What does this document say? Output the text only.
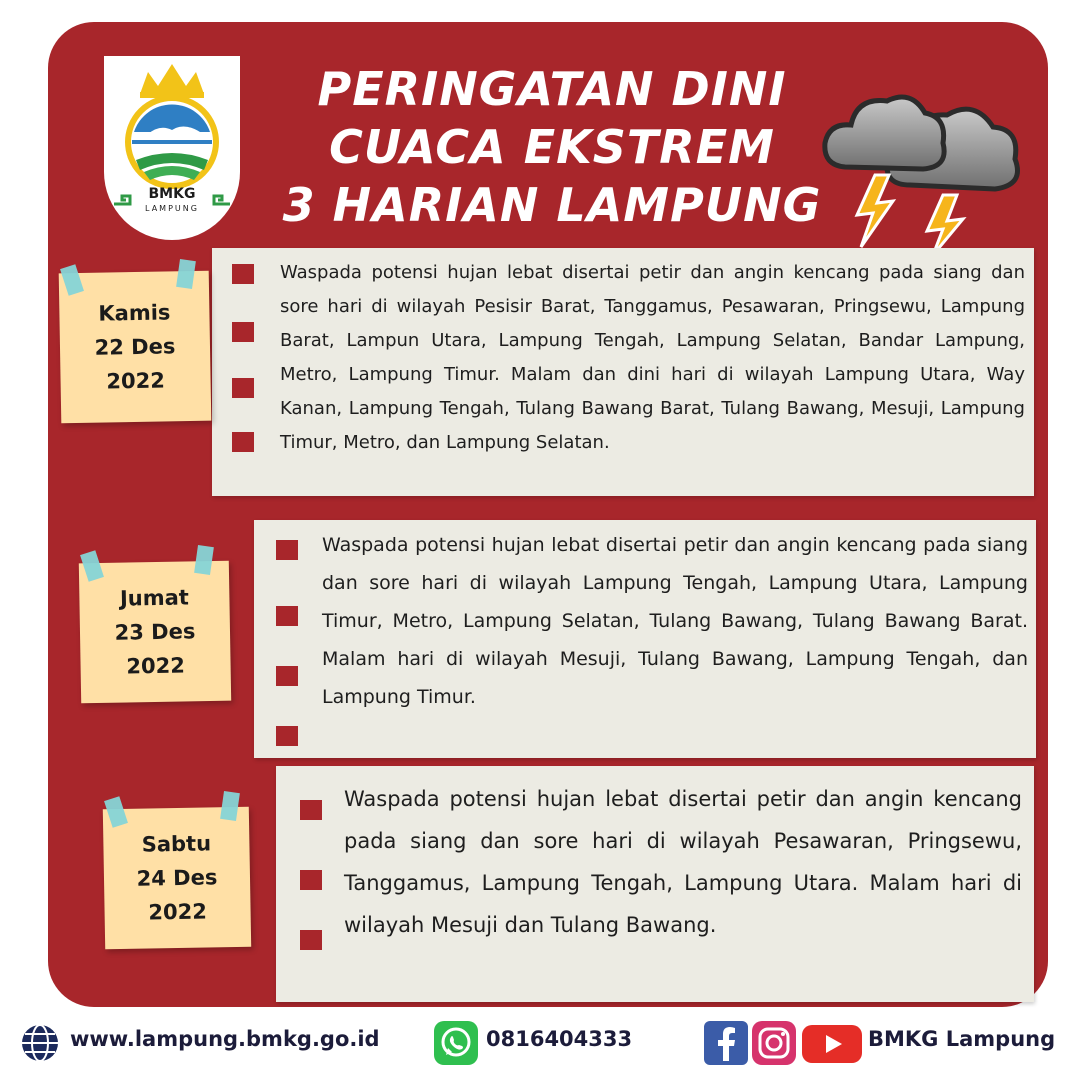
BMKG
LAMPUNG
PERINGATAN DINI
CUACA EKSTREM
3 HARIAN LAMPUNG
Waspada potensi hujan lebat disertai petir dan angin kencang pada siang dan sore hari di wilayah Pesisir Barat, Tanggamus, Pesawaran, Pringsewu, Lampung Barat, Lampun Utara, Lampung Tengah, Lampung Selatan, Bandar Lampung, Metro, Lampung Timur. Malam dan dini hari di wilayah Lampung Utara, Way Kanan, Lampung Tengah, Tulang Bawang Barat, Tulang Bawang, Mesuji, Lampung Timur, Metro, dan Lampung Selatan.
Kamis
22 Des
2022
Waspada potensi hujan lebat disertai petir dan angin kencang pada siang dan sore hari di wilayah Lampung Tengah, Lampung Utara, Lampung Timur, Metro, Lampung Selatan, Tulang Bawang, Tulang Bawang Barat. Malam hari di wilayah Mesuji, Tulang Bawang, Lampung Tengah, dan Lampung Timur.
Jumat
23 Des
2022
Waspada potensi hujan lebat disertai petir dan angin kencang pada siang dan sore hari di wilayah Pesawaran, Pringsewu, Tanggamus, Lampung Tengah, Lampung Utara. Malam hari di wilayah Mesuji dan Tulang Bawang.
Sabtu
24 Des
2022
www.lampung.bmkg.go.id	0816404333	BMKG Lampung
